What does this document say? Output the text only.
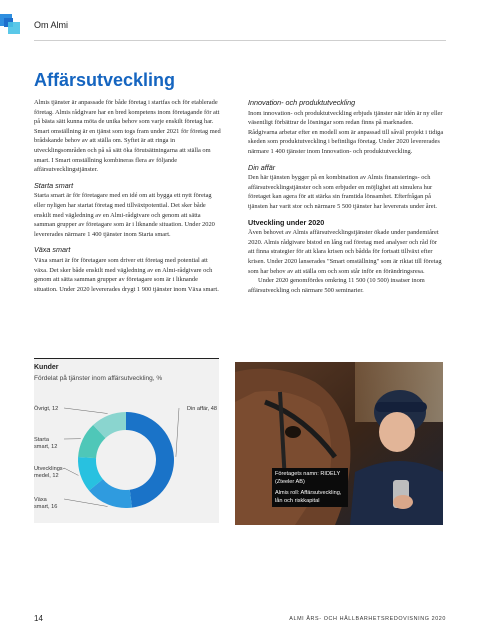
Om Almi
Affärsutveckling

Almis tjänster är anpassade för både företag i startfas och för etablerade företag. Almis rådgivare har en bred kompetens inom företagande för att på bästa sätt kunna möta de unika behov som varje enskilt företag har. Smart omställning är en tjänst som togs fram under 2021 för företag med brådskande behov av att ställa om. Syftet är att ringa in utvecklingsområden och på så sätt öka förutsättningarna att ställa om smart. I Smart omställning kombineras flera av följande affärsutvecklingstjänster.

Starta smart

Starta smart är för företagare med en idé om att bygga ett nytt företag eller nyligen har startat företag med tillväxtpotential. Det sker både enskilt med vägledning av en Almi-rådgivare och genom att sätta samman grupper av företagare som är i liknande situation. Under 2020 levererades närmare 1 400 tjänster inom Starta smart.

Växa smart

Växa smart är för företagare som driver ett företag med potential att växa. Det sker både enskilt med vägledning av en Almi-rådgivare och genom att sätta samman grupper av företagare som är i liknande situation. Under 2020 levererades drygt 1 900 tjänster inom Växa smart.

Innovation- och produktutveckling

Inom innovation- och produktutveckling erbjuds tjänster när idén är ny eller väsentligt förbättrar de lösningar som redan finns på marknaden. Rådgivarna arbetar efter en modell som är anpassad till såväl projekt i tidiga skeden som produktutveckling i befintliga företag. Under 2020 levererades närmare 1 400 tjänster inom Innovation- och produktutveckling.

Din affär

Den här tjänsten bygger på en kombination av Almis finansierings- och affärsutvecklingstjänster och som erbjuder en möjlighet att simulera hur företaget kan agera för att stärka sin framtida lönsamhet. Efterfrågan på tjänsten har varit stor och närmare 5 500 tjänster har levererats under året.

Utveckling under 2020

Även behovet av Almis affärsutvecklingstjänster ökade under pandemiåret 2020. Almis rådgivare bistod en lång rad företag med analyser och råd för att finna strategier för att klara krisen och bådda för fortsatt tillväxt efter krisen. Under 2020 lanserades "Smart omställning" som är riktat till företag som har behov av att ställa om och som står inför en förändringsresa.

Under 2020 genomfördes omkring 11 500 (10 500) insatser inom affärsutveckling och närmare 500 seminarier.

Kunder
Fördelat på tjänster inom affärsutveckling, %
Din affär, 48
Växa
smart, 16
Utvecklings-
medel, 12
Starta
smart, 12
Övrigt, 12
Företagets namn: RIDELY (Zteeler AB)
Almis roll: Affärsutveckling, lån och riskkapital
14	ALMI ÅRS- OCH HÅLLBARHETSREDOVISNING 2020
